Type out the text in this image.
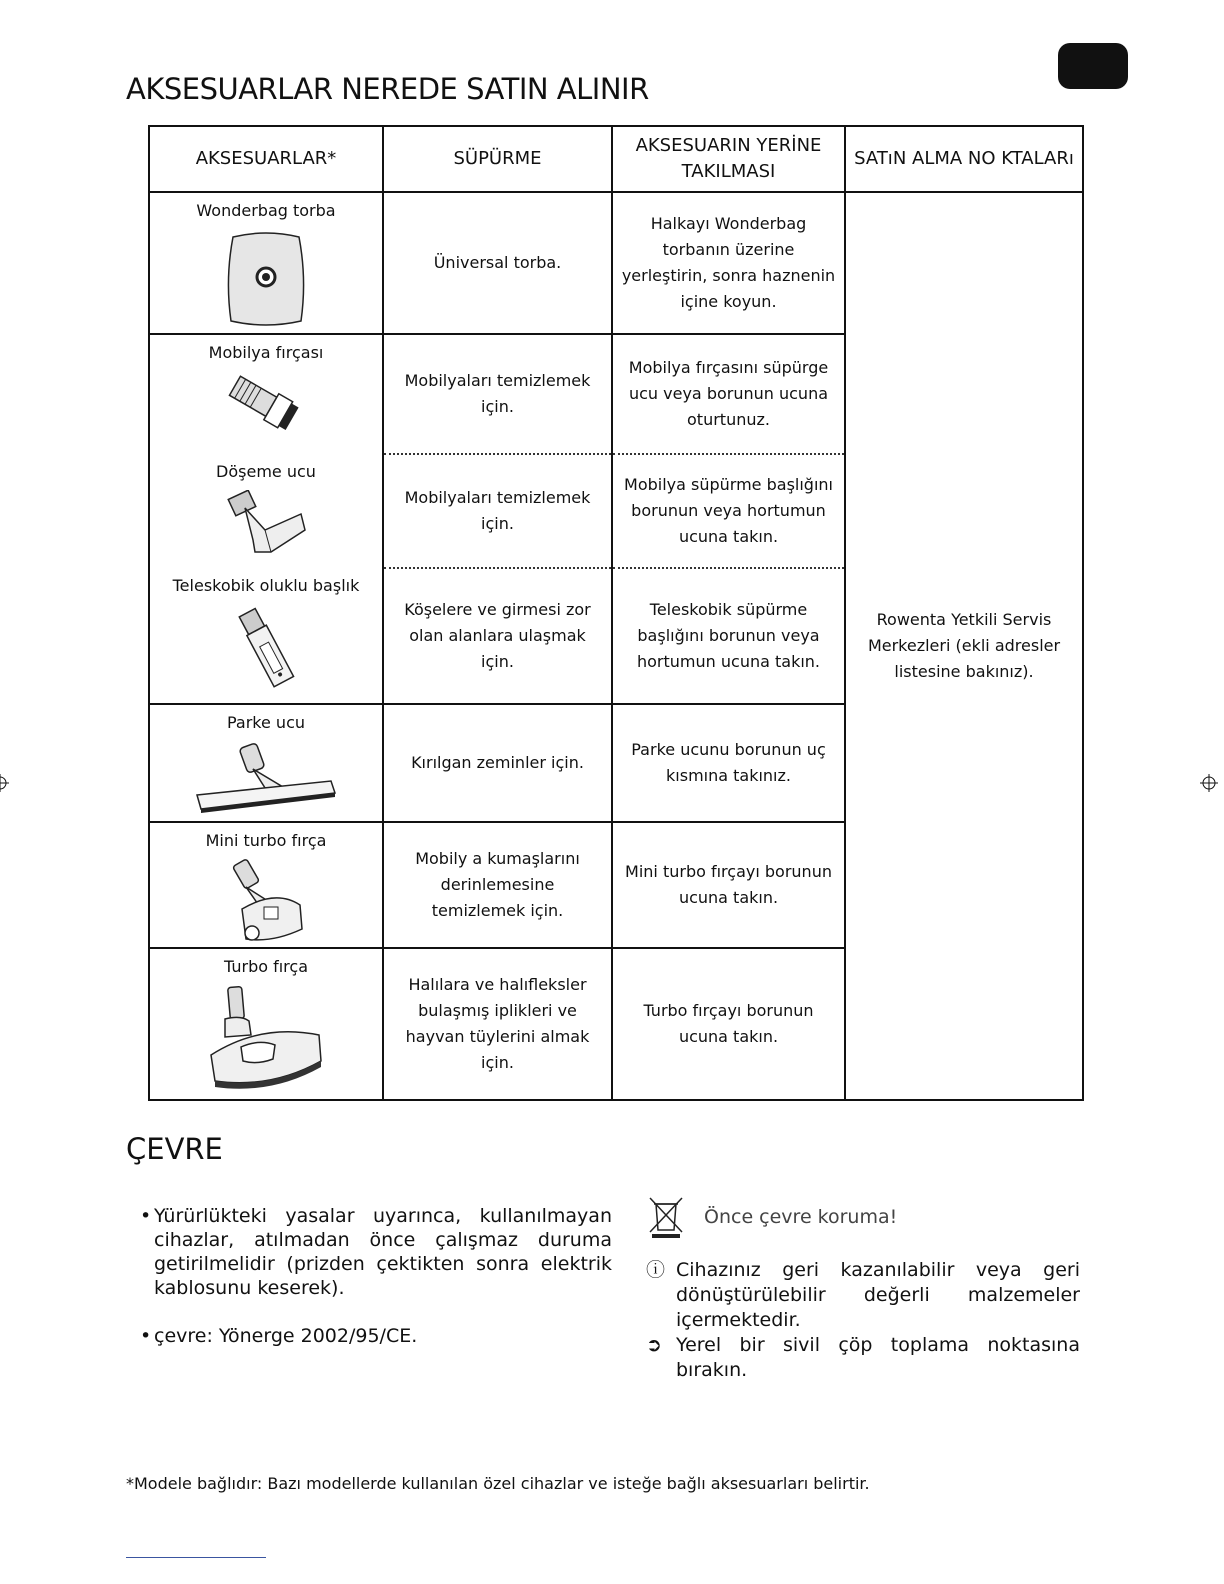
AKSESUARLAR NEREDE SATIN ALINIR
AKSESUARLAR*	SÜPÜRME	AKSESUARIN YERİNE TAKILMASI	SATıN ALMA NO KTALARı

Wonderbag torba	Üniversal torba.	Halkayı Wonderbag torbanın üzerine yerleştirin, sonra haznenin içine koyun.	Rowenta Yetkili Servis Merkezleri (ekli adresler listesine bakınız).

Mobilya fırçası	Mobilyaları temizlemek için.	Mobilya fırçasını süpürge ucu veya borunun ucuna oturtunuz.	

Döşeme ucu	Mobilyaları temizlemek için.	Mobilya süpürme başlığını borunun veya hortumun ucuna takın.	

Teleskobik oluklu başlık	Köşelere ve girmesi zor olan alanlara ulaşmak için.	Teleskobik süpürme başlığını borunun veya hortumun ucuna takın.	

Parke ucu	Kırılgan zeminler için.	Parke ucunu borunun uç kısmına takınız.	

Mini turbo fırça	Mobily a kumaşlarını derinlemesine temizlemek için.	Mini turbo fırçayı borunun ucuna takın.	

Turbo fırça	Halılara ve halıfleksler bulaşmış iplikleri ve hayvan tüylerini almak için.	Turbo fırçayı borunun ucuna takın.	
ÇEVRE
• Yürürlükteki yasalar uyarınca, kullanılmayan cihazlar, atılmadan önce çalışmaz duruma getirilmelidir (prizden çektikten sonra elektrik kablosunu keserek).
• çevre: Yönerge 2002/95/CE.
Önce çevre koruma!
ⓘ Cihazınız geri kazanılabilir veya geri dönüştürülebilir değerli malzemeler içermektedir.
➲ Yerel bir sivil çöp toplama noktasına bırakın.
*Modele bağlıdır: Bazı modellerde kullanılan özel cihazlar ve isteğe bağlı aksesuarları belirtir.
